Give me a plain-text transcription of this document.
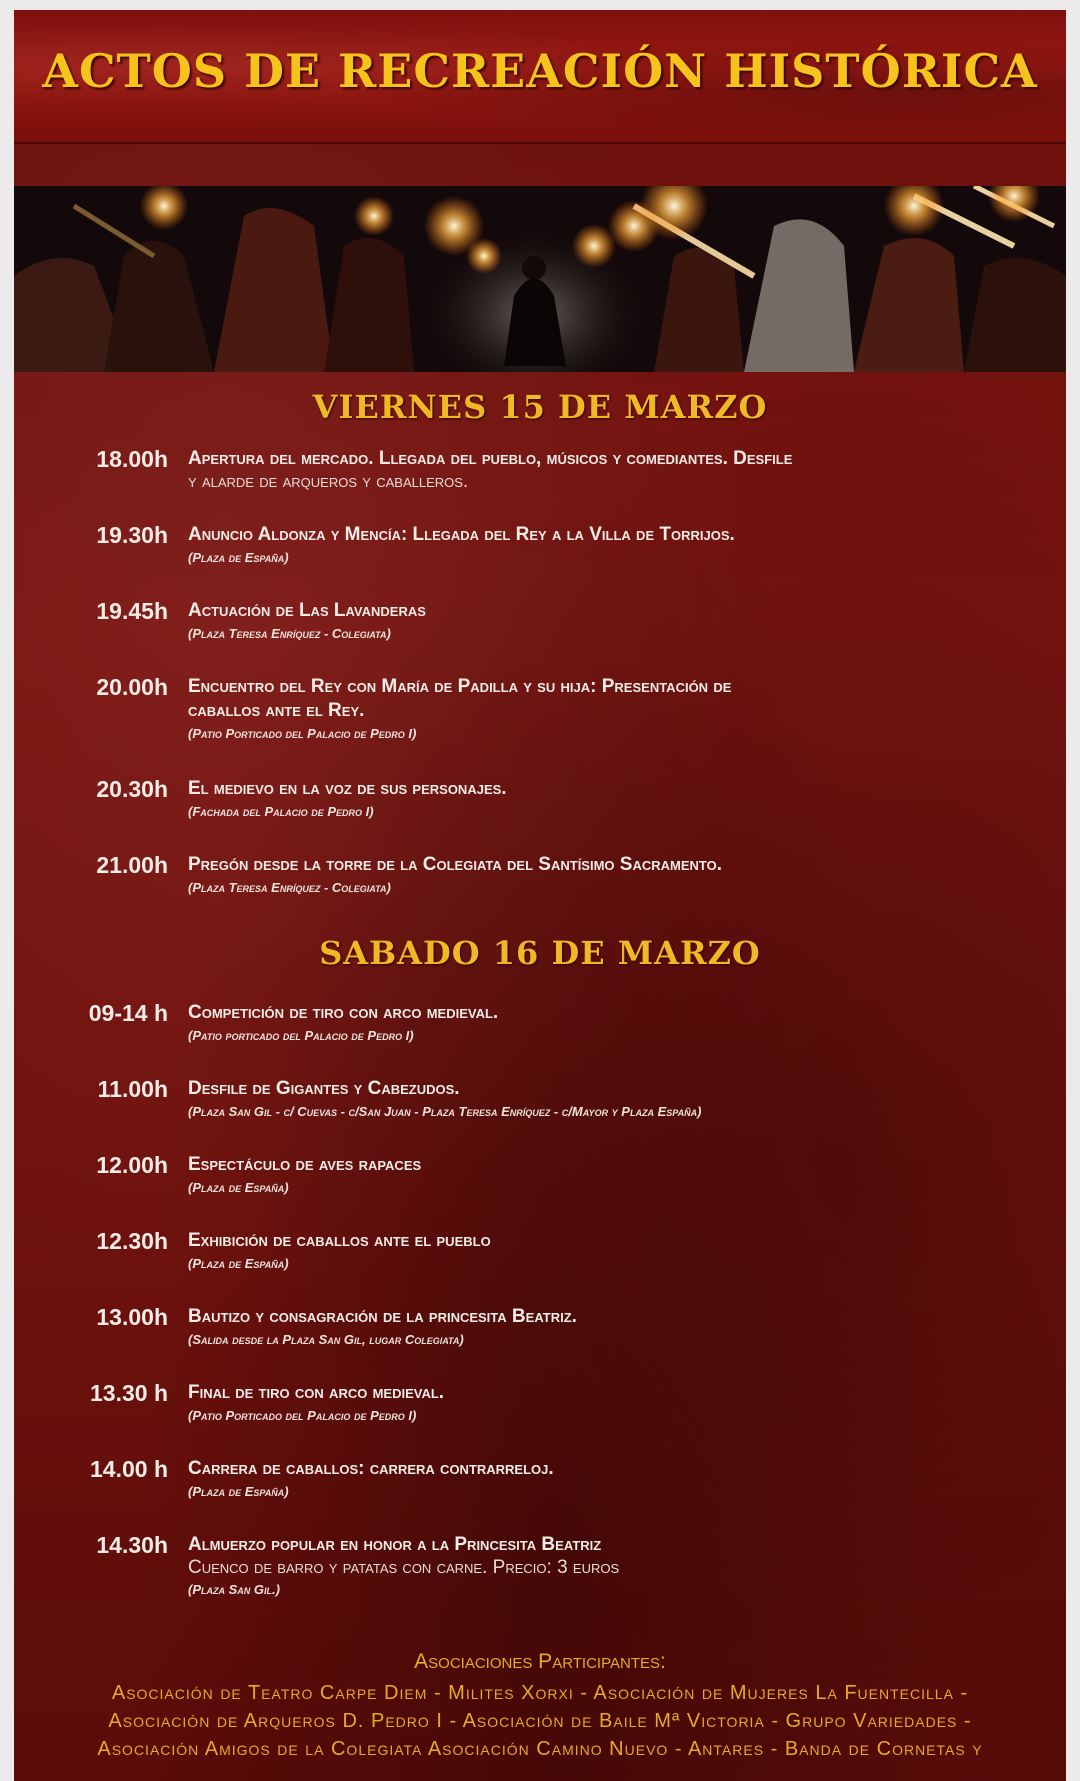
ACTOS DE RECREACIÓN HISTÓRICA
VIERNES 15 DE MARZO
18.00h Apertura del mercado. Llegada del pueblo, músicos y comediantes. Desfile
y alarde de arqueros y caballeros.
19.30h Anuncio Aldonza y Mencía: Llegada del Rey a la Villa de Torrijos.
(Plaza de España)
19.45h Actuación de Las Lavanderas
(Plaza Teresa Enríquez - Colegiata)
20.00h Encuentro del Rey con María de Padilla y su hija: Presentación de
caballos ante el Rey.
(Patio Porticado del Palacio de Pedro I)
20.30h El medievo en la voz de sus personajes.
(Fachada del Palacio de Pedro I)
21.00h Pregón desde la torre de la Colegiata del Santísimo Sacramento.
(Plaza Teresa Enríquez - Colegiata)
SABADO 16 DE MARZO
09-14 h Competición de tiro con arco medieval.
(Patio porticado del Palacio de Pedro I)
11.00h Desfile de Gigantes y Cabezudos.
(Plaza San Gil - c/ Cuevas - c/San Juan - Plaza Teresa Enríquez - c/Mayor y Plaza España)
12.00h Espectáculo de aves rapaces
(Plaza de España)
12.30h Exhibición de caballos ante el pueblo
(Plaza de España)
13.00h Bautizo y consagración de la princesita Beatriz.
(Salida desde la Plaza San Gil, lugar Colegiata)
13.30 h Final de tiro con arco medieval.
(Patio Porticado del Palacio de Pedro I)
14.00 h Carrera de caballos: carrera contrarreloj.
(Plaza de España)
14.30h Almuerzo popular en honor a la Princesita Beatriz
Cuenco de barro y patatas con carne. Precio: 3 euros
(Plaza San Gil.)
Asociaciones Participantes:
Asociación de Teatro Carpe Diem - Milites Xorxi - Asociación de Mujeres La Fuentecilla -
Asociación de Arqueros D. Pedro I - Asociación de Baile Mª Victoria - Grupo Variedades -
Asociación Amigos de la Colegiata Asociación Camino Nuevo - Antares - Banda de Cornetas y
